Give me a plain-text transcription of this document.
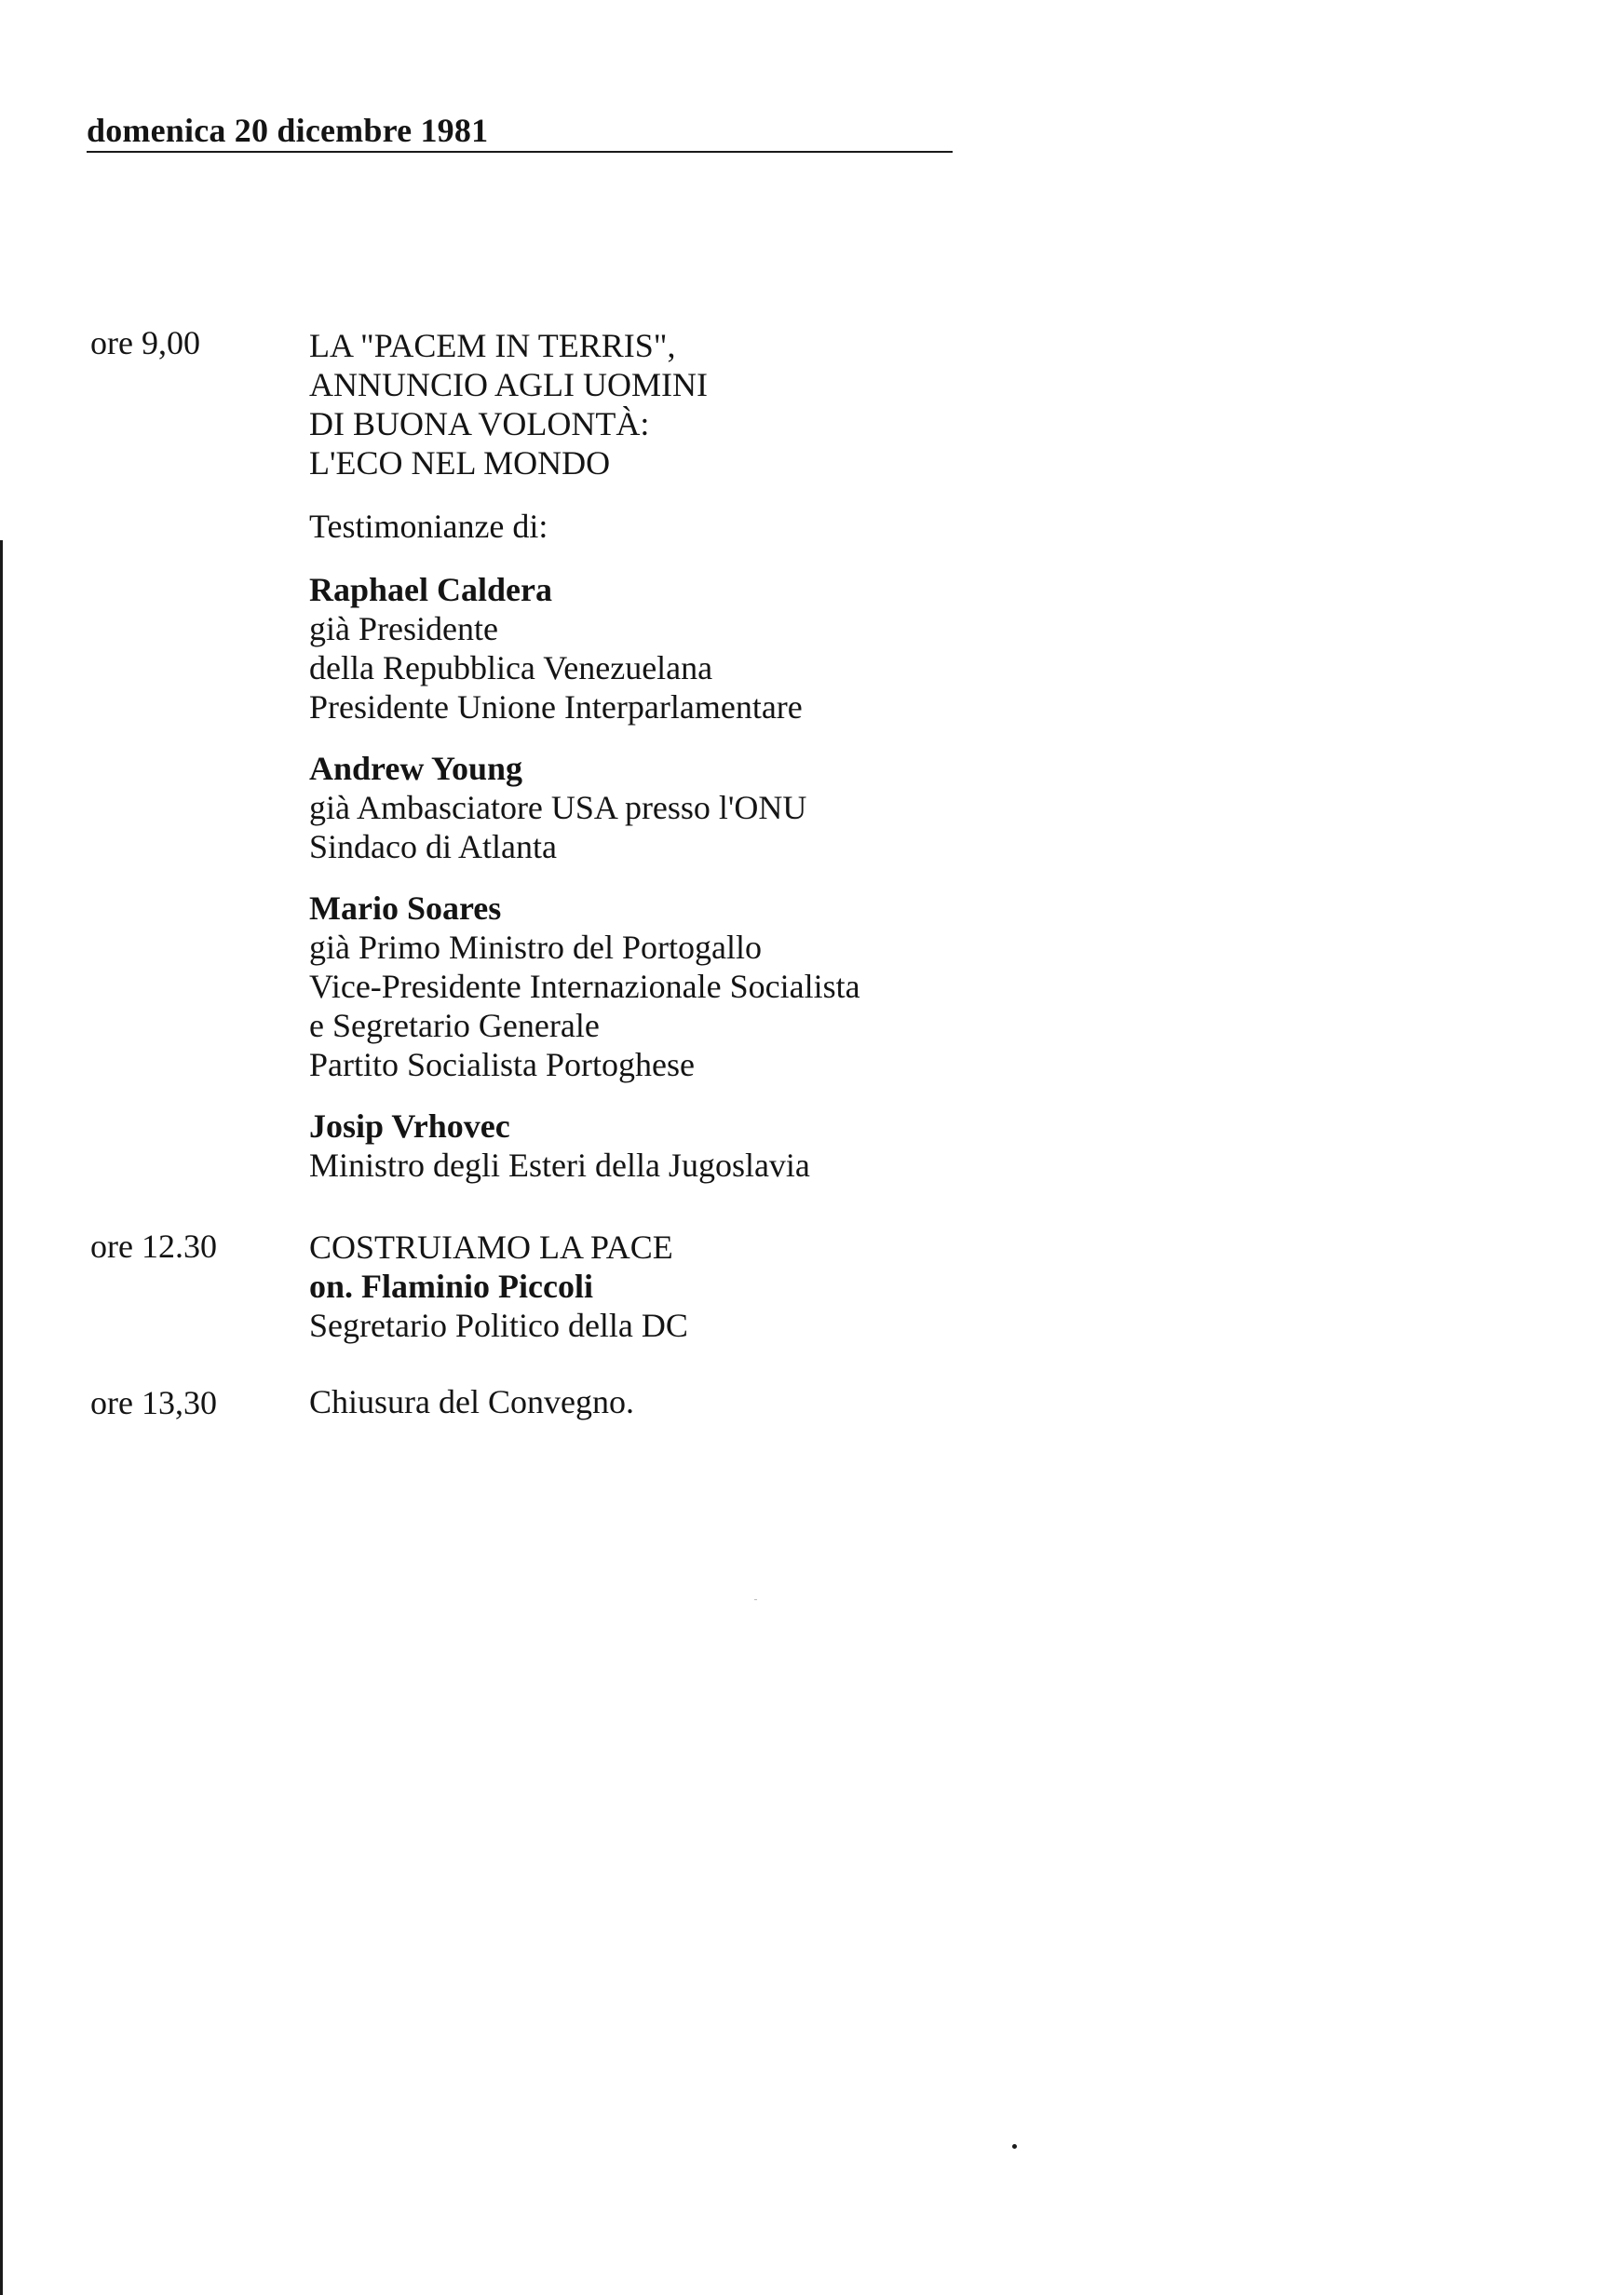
domenica 20 dicembre 1981
ore 9,00	LA "PACEM IN TERRIS",
ANNUNCIO AGLI UOMINI
DI BUONA VOLONTÀ:
L'ECO NEL MONDO
Testimonianze di:
Raphael Caldera
già Presidente
della Repubblica Venezuelana
Presidente Unione Interparlamentare
Andrew Young
già Ambasciatore USA presso l'ONU
Sindaco di Atlanta
Mario Soares
già Primo Ministro del Portogallo
Vice-Presidente Internazionale Socialista
e Segretario Generale
Partito Socialista Portoghese
Josip Vrhovec
Ministro degli Esteri della Jugoslavia
ore 12.30	COSTRUIAMO LA PACE
on. Flaminio Piccoli
Segretario Politico della DC
ore 13,30	Chiusura del Convegno.
